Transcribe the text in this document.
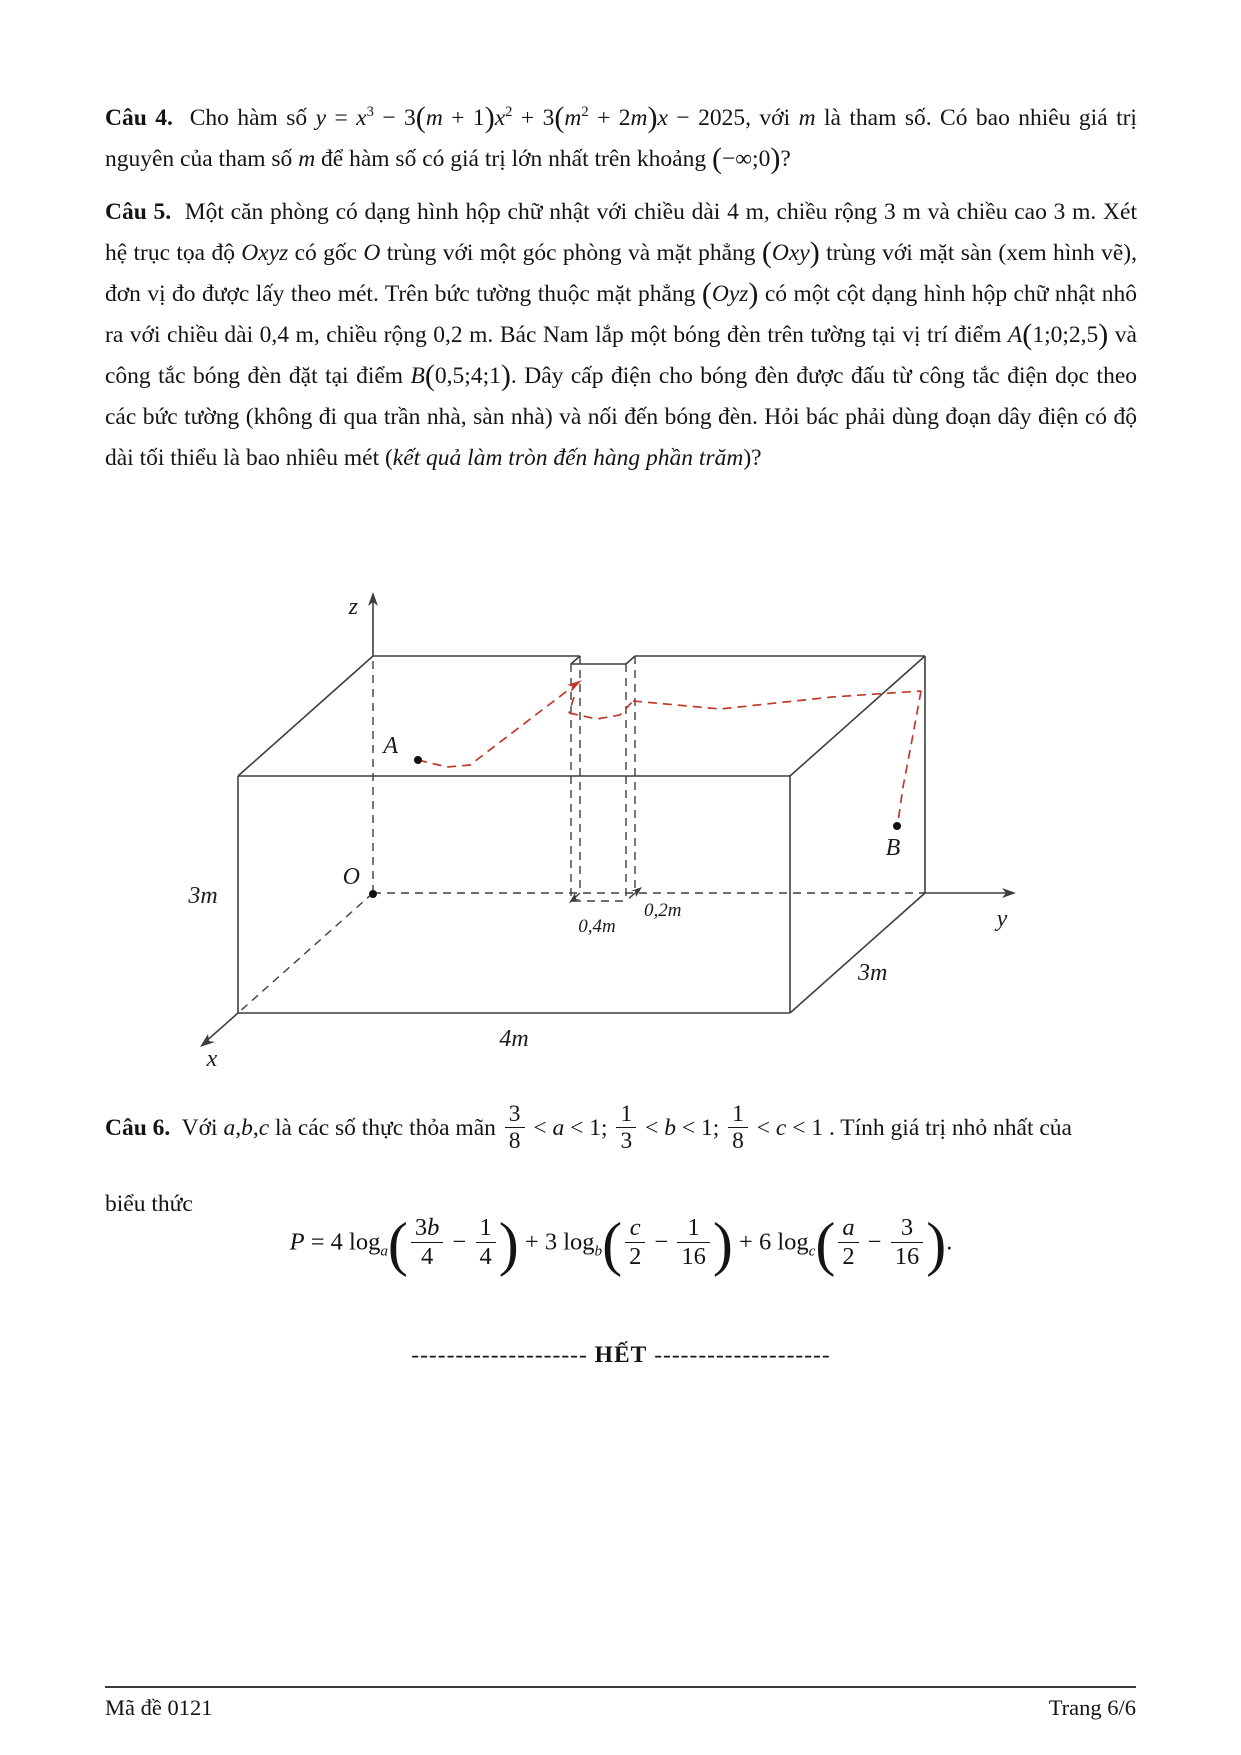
Câu 4.  Cho hàm số $y = x^3 - 3(m + 1)x^2 + 3(m^2 + 2m)x - 2025$, với m là tham số. Có bao nhiêu giá trị nguyên của tham số m để hàm số có giá trị lớn nhất trên khoảng (−∞;0)?

Câu 5.  Một căn phòng có dạng hình hộp chữ nhật với chiều dài 4 m, chiều rộng 3 m và chiều cao 3 m. Xét hệ trục tọa độ Oxyz có gốc O trùng với một góc phòng và mặt phẳng (Oxy) trùng với mặt sàn (xem hình vẽ), đơn vị đo được lấy theo mét. Trên bức tường thuộc mặt phẳng (Oyz) có một cột dạng hình hộp chữ nhật nhô ra với chiều dài 0,4 m, chiều rộng 0,2 m. Bác Nam lắp một bóng đèn trên tường tại vị trí điểm A(1;0;2,5) và công tắc bóng đèn đặt tại điểm B(0,5;4;1). Dây cấp điện cho bóng đèn được đấu từ công tắc điện dọc theo các bức tường (không đi qua trần nhà, sàn nhà) và nối đến bóng đèn. Hỏi bác phải dùng đoạn dây điện có độ dài tối thiểu là bao nhiêu mét (kết quả làm tròn đến hàng phần trăm)?

z
y
x
O
A
B
3m
3m
4m
0,4m
0,2m

Câu 6.  Với a,b,c là các số thực thỏa mãn $\frac{3}{8} < a < 1$; $\frac{1}{3} < b < 1$; $\frac{1}{8} < c < 1$ . Tính giá trị nhỏ nhất của

biểu thức

P = 4 $\log_a( \frac{3b}{4} - \frac{1}{4}$ ) + 3 $\log_b( \frac{c}{2} - \frac{1}{16}$ ) + 6 $\log_c( \frac{a}{2} - \frac{3}{16}$ ).
-------------------- HẾT --------------------
Mã đề 0121	Trang 6/6
